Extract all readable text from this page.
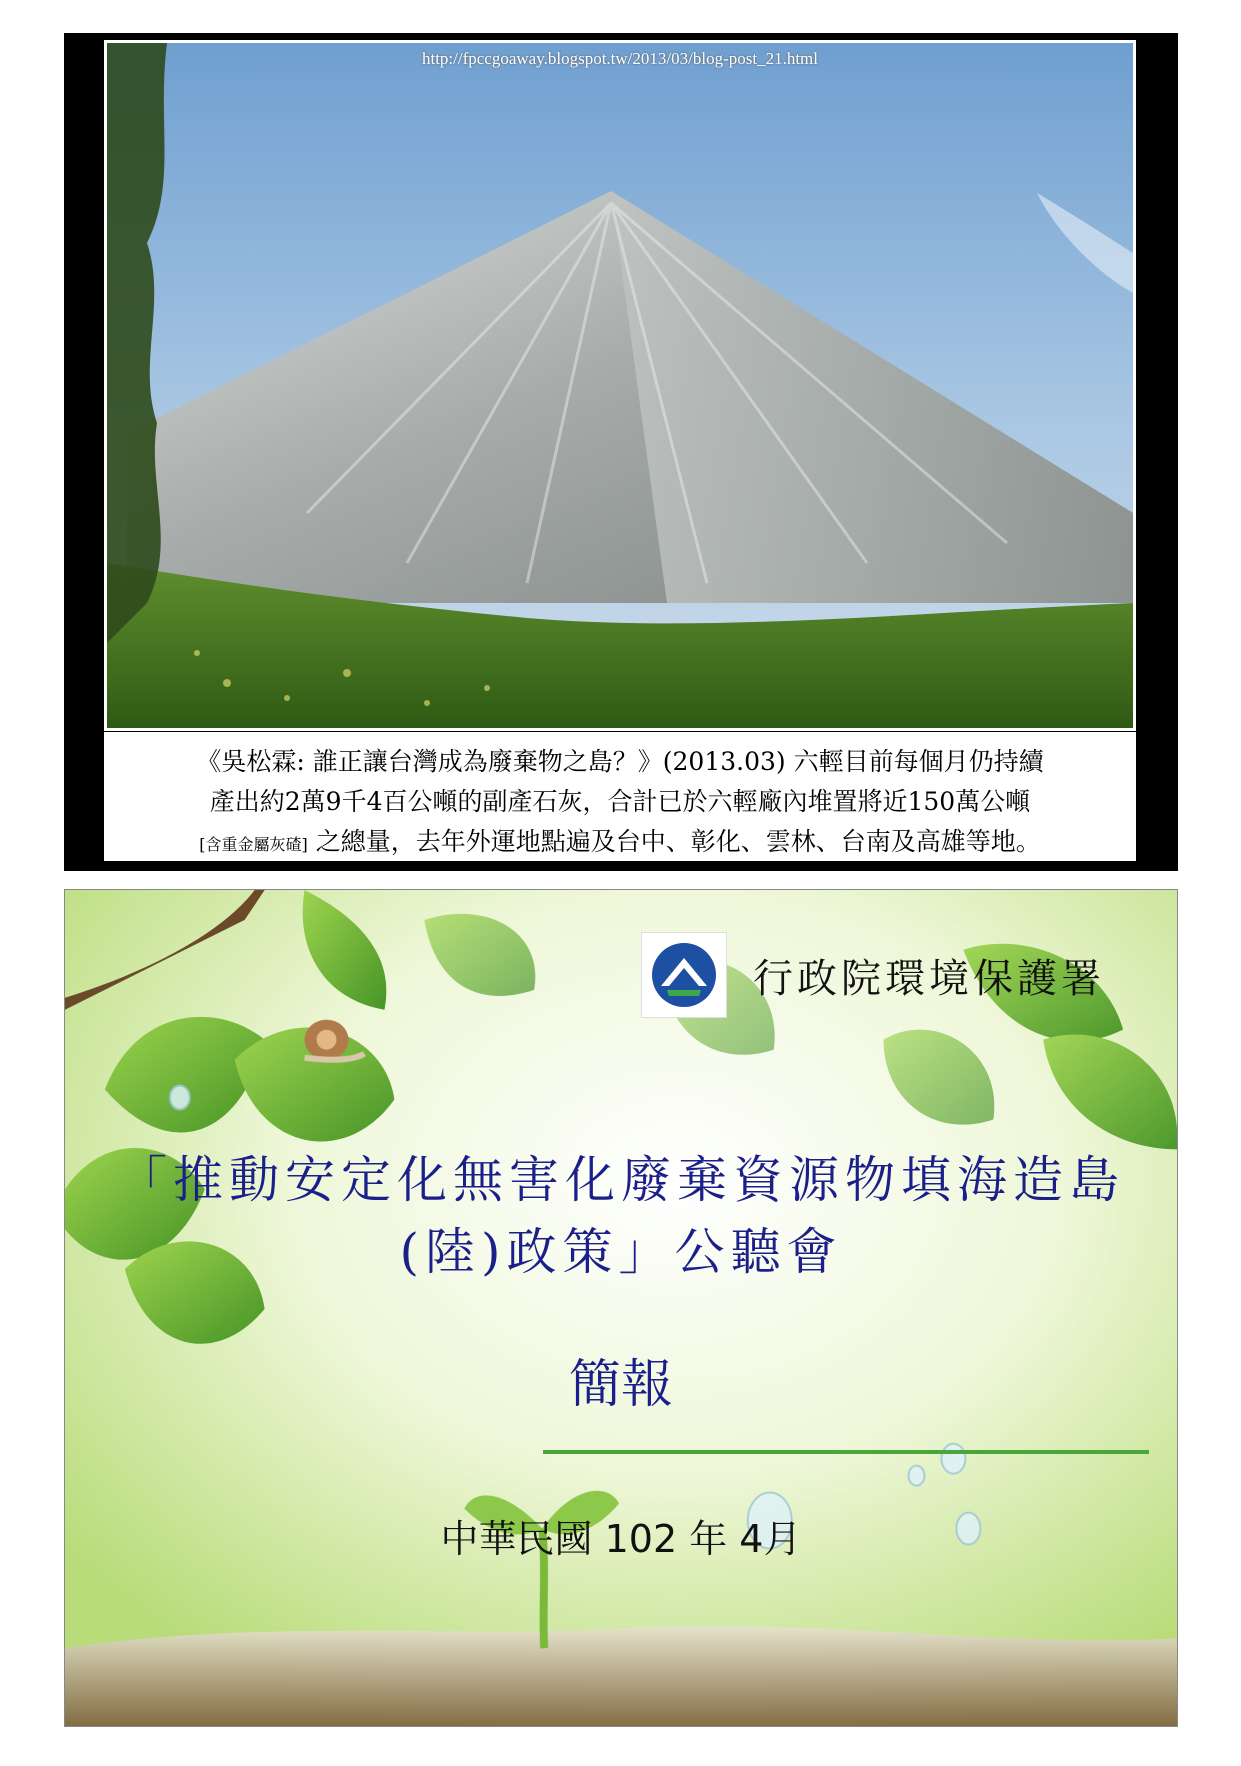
http://fpccgoaway.blogspot.tw/2013/03/blog-post_21.html
《吳松霖: 誰正讓台灣成為廢棄物之島？》(2013.03) 六輕目前每個月仍持續
產出約2萬9千4百公噸的副產石灰，合計已於六輕廠內堆置將近150萬公噸
[含重金屬灰碴] 之總量，去年外運地點遍及台中、彰化、雲林、台南及高雄等地。
行政院環境保護署
「推動安定化無害化廢棄資源物填海造島
(陸)政策」公聽會
簡報
中華民國 102 年 4月
